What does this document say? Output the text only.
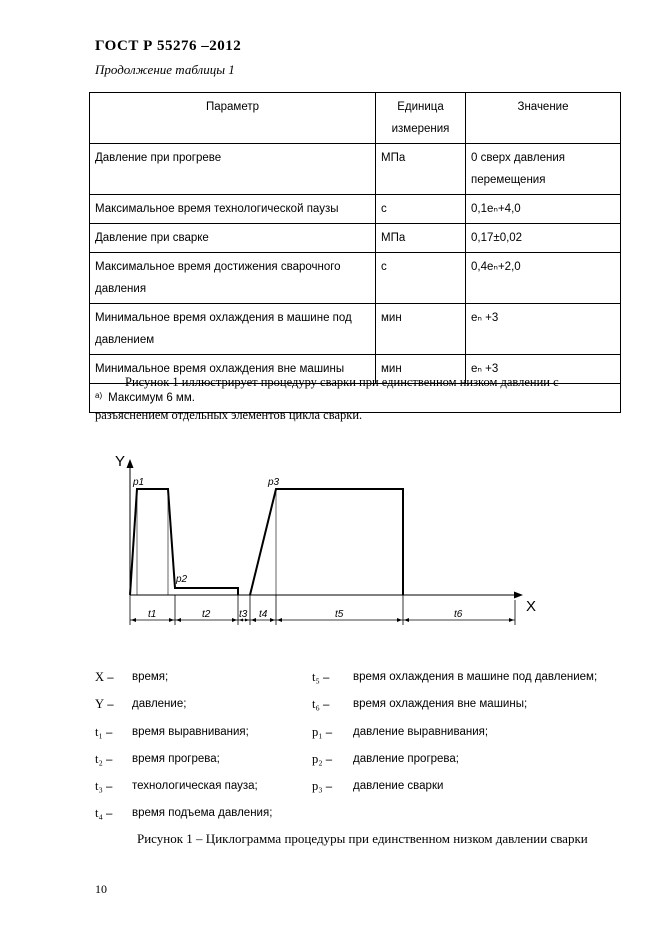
ГОСТ Р 55276 –2012
Продолжение таблицы 1
Параметр	Единица измерения	Значение
Давление при прогреве	МПа	0 сверх давления перемещения
Максимальное время технологической паузы	с	0,1eₙ+4,0
Давление при сварке	МПа	0,17±0,02
Максимальное время достижения сварочного давления	с	0,4eₙ+2,0
Минимальное время охлаждения в машине под давлением	мин	eₙ +3
Минимальное время охлаждения вне машины	мин	eₙ +3
$^{a)}$ Максимум 6 мм.		
Рисунок 1 иллюстрирует процедуру сварки при единственном низком давлении с
разъяснением отдельных элементов цикла сварки.
Y
X
p1
p2
p3
t1	t2	t3 t4	t5	t6
X – время;
Y – давление;
t₁ – время выравнивания;
t₂ – время прогрева;
t₃ – технологическая пауза;
t₄ – время подъема давления;
t₅ – время охлаждения в машине под давлением;
t₆ – время охлаждения вне машины;
p₁ – давление выравнивания;
p₂ – давление прогрева;
p₃ – давление сварки
Рисунок 1 – Циклограмма процедуры при единственном низком давлении сварки
10
